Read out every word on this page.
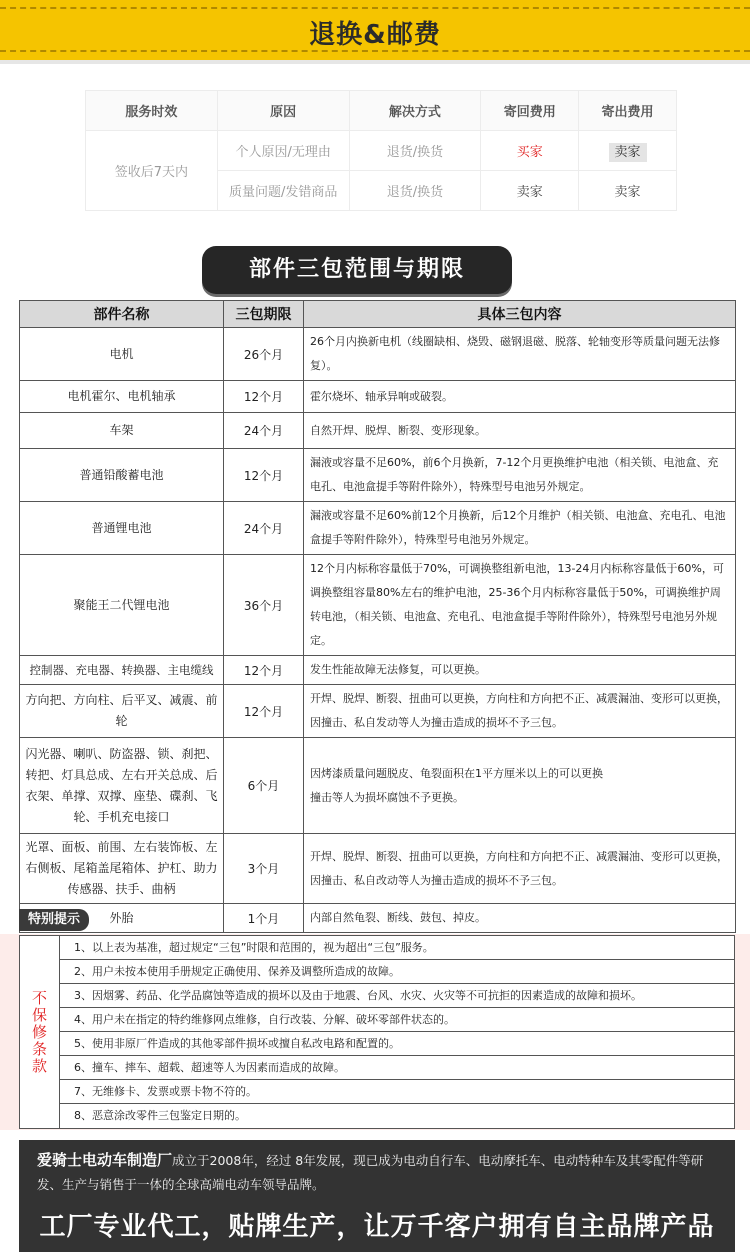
退换&邮费
服务时效	原因	解决方式	寄回费用	寄出费用
签收后7天内	个人原因/无理由	退货/换货	买家	卖家
	质量问题/发错商品	退货/换货	卖家	卖家
部件三包范围与期限
部件名称	三包期限	具体三包内容
电机	26个月	26个月内换新电机（线圈缺相、烧毁、磁钢退磁、脱落、轮轴变形等质量问题无法修复）。
电机霍尔、电机轴承	12个月	霍尔烧坏、轴承异响或破裂。
车架	24个月	自然开焊、脱焊、断裂、变形现象。
普通铅酸蓄电池	12个月	漏液或容量不足60%，前6个月换新，7-12个月更换维护电池（相关锁、电池盒、充电孔、电池盒提手等附件除外），特殊型号电池另外规定。
普通锂电池	24个月	漏液或容量不足60%前12个月换新，后12个月维护（相关锁、电池盒、充电孔、电池盒提手等附件除外），特殊型号电池另外规定。
聚能王二代锂电池	36个月	12个月内标称容量低于70%，可调换整组新电池，13-24月内标称容量低于60%，可调换整组容量80%左右的维护电池，25-36个月内标称容量低于50%，可调换维护周转电池，（相关锁、电池盒、充电孔、电池盒提手等附件除外），特殊型号电池另外规定。
控制器、充电器、转换器、主电缆线	12个月	发生性能故障无法修复，可以更换。
方向把、方向柱、后平叉、减震、前轮	12个月	开焊、脱焊、断裂、扭曲可以更换，方向柱和方向把不正、减震漏油、变形可以更换，因撞击、私自发动等人为撞击造成的损坏不予三包。
闪光器、喇叭、防盗器、锁、刹把、转把、灯具总成、左右开关总成、后衣架、单撑、双撑、座垫、碟刹、飞轮、手机充电接口	6个月	因烤漆质量问题脱皮、龟裂面积在1平方厘米以上的可以更换
撞击等人为损坏腐蚀不予更换。
光罩、面板、前围、左右装饰板、左右侧板、尾箱盖尾箱体、护杠、助力传感器、扶手、曲柄	3个月	开焊、脱焊、断裂、扭曲可以更换，方向柱和方向把不正、减震漏油、变形可以更换，因撞击、私自改动等人为撞击造成的损坏不予三包。
外胎	1个月	内部自然龟裂、断线、鼓包、掉皮。
特别提示
不保修条款
1、以上表为基准，超过规定“三包”时限和范围的，视为超出“三包”服务。
2、用户未按本使用手册规定正确使用、保养及调整所造成的故障。
3、因烟雾、药品、化学品腐蚀等造成的损坏以及由于地震、台风、水灾、火灾等不可抗拒的因素造成的故障和损坏。
4、用户未在指定的特约维修网点维修，自行改装、分解、破坏零部件状态的。
5、使用非原厂件造成的其他零部件损坏或擅自私改电路和配置的。
6、撞车、摔车、超载、超速等人为因素而造成的故障。
7、无维修卡、发票或票卡物不符的。
8、恶意涂改零件三包鉴定日期的。
爱骑士电动车制造厂成立于2008年，经过 8年发展，现已成为电动自行车、电动摩托车、电动特种车及其零配件等研发、生产与销售于一体的全球高端电动车领导品牌。
工厂专业代工，贴牌生产，让万千客户拥有自主品牌产品
